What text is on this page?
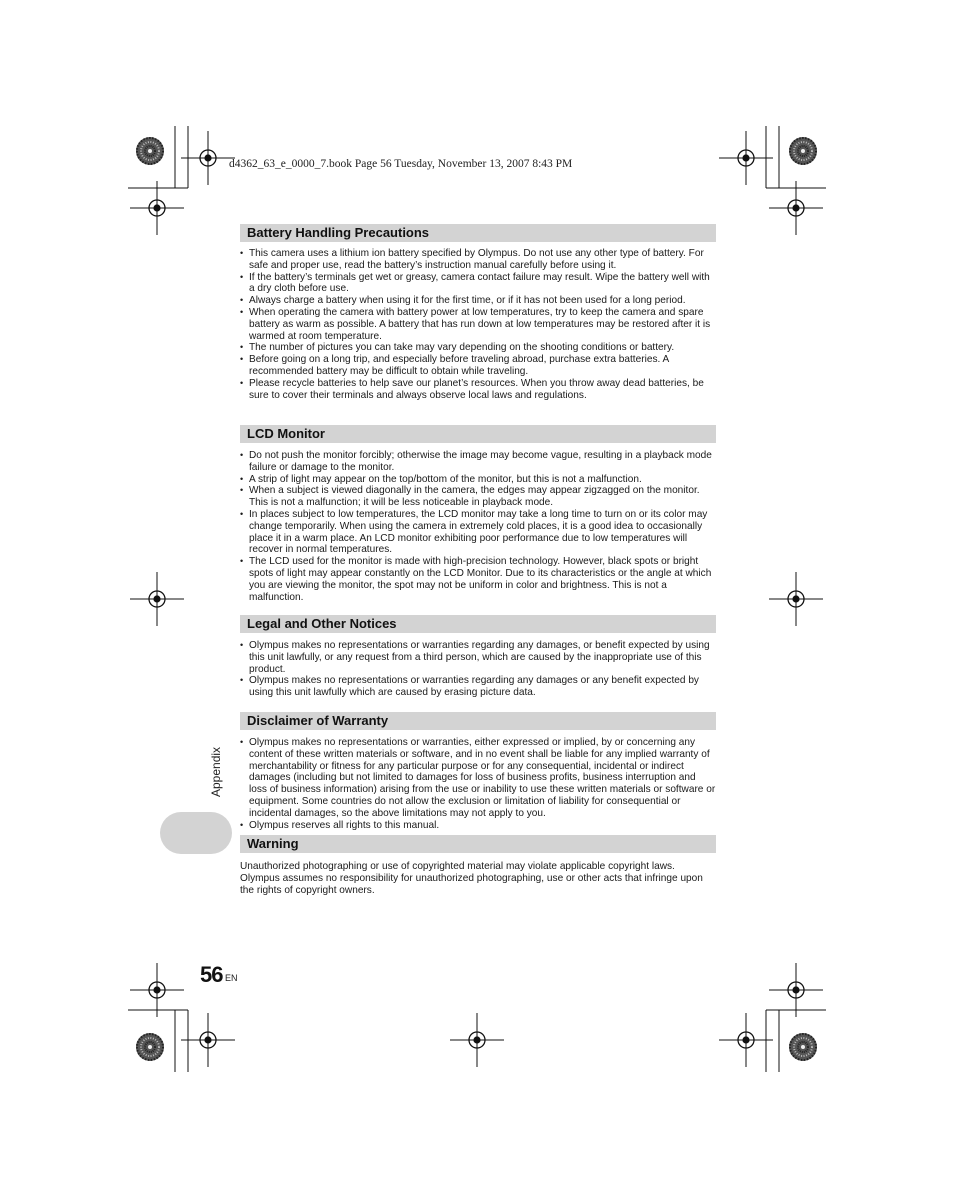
d4362_63_e_0000_7.book Page 56 Tuesday, November 13, 2007 8:43 PM
Battery Handling Precautions
• This camera uses a lithium ion battery specified by Olympus. Do not use any other type of battery. For safe and proper use, read the battery’s instruction manual carefully before using it.
• If the battery’s terminals get wet or greasy, camera contact failure may result. Wipe the battery well with a dry cloth before use.
• Always charge a battery when using it for the first time, or if it has not been used for a long period.
• When operating the camera with battery power at low temperatures, try to keep the camera and spare battery as warm as possible. A battery that has run down at low temperatures may be restored after it is warmed at room temperature.
• The number of pictures you can take may vary depending on the shooting conditions or battery.
• Before going on a long trip, and especially before traveling abroad, purchase extra batteries. A recommended battery may be difficult to obtain while traveling.
• Please recycle batteries to help save our planet’s resources. When you throw away dead batteries, be sure to cover their terminals and always observe local laws and regulations.
LCD Monitor
• Do not push the monitor forcibly; otherwise the image may become vague, resulting in a playback mode failure or damage to the monitor.
• A strip of light may appear on the top/bottom of the monitor, but this is not a malfunction.
• When a subject is viewed diagonally in the camera, the edges may appear zigzagged on the monitor. This is not a malfunction; it will be less noticeable in playback mode.
• In places subject to low temperatures, the LCD monitor may take a long time to turn on or its color may change temporarily. When using the camera in extremely cold places, it is a good idea to occasionally place it in a warm place. An LCD monitor exhibiting poor performance due to low temperatures will recover in normal temperatures.
• The LCD used for the monitor is made with high-precision technology. However, black spots or bright spots of light may appear constantly on the LCD Monitor. Due to its characteristics or the angle at which you are viewing the monitor, the spot may not be uniform in color and brightness. This is not a malfunction.
Legal and Other Notices
• Olympus makes no representations or warranties regarding any damages, or benefit expected by using this unit lawfully, or any request from a third person, which are caused by the inappropriate use of this product.
• Olympus makes no representations or warranties regarding any damages or any benefit expected by using this unit lawfully which are caused by erasing picture data.
Disclaimer of Warranty
• Olympus makes no representations or warranties, either expressed or implied, by or concerning any content of these written materials or software, and in no event shall be liable for any implied warranty of merchantability or fitness for any particular purpose or for any consequential, incidental or indirect damages (including but not limited to damages for loss of business profits, business interruption and loss of business information) arising from the use or inability to use these written materials or software or equipment. Some countries do not allow the exclusion or limitation of liability for consequential or incidental damages, so the above limitations may not apply to you.
• Olympus reserves all rights to this manual.
Warning

Unauthorized photographing or use of copyrighted material may violate applicable copyright laws. Olympus assumes no responsibility for unauthorized photographing, use or other acts that infringe upon the rights of copyright owners.

Appendix
56 EN
